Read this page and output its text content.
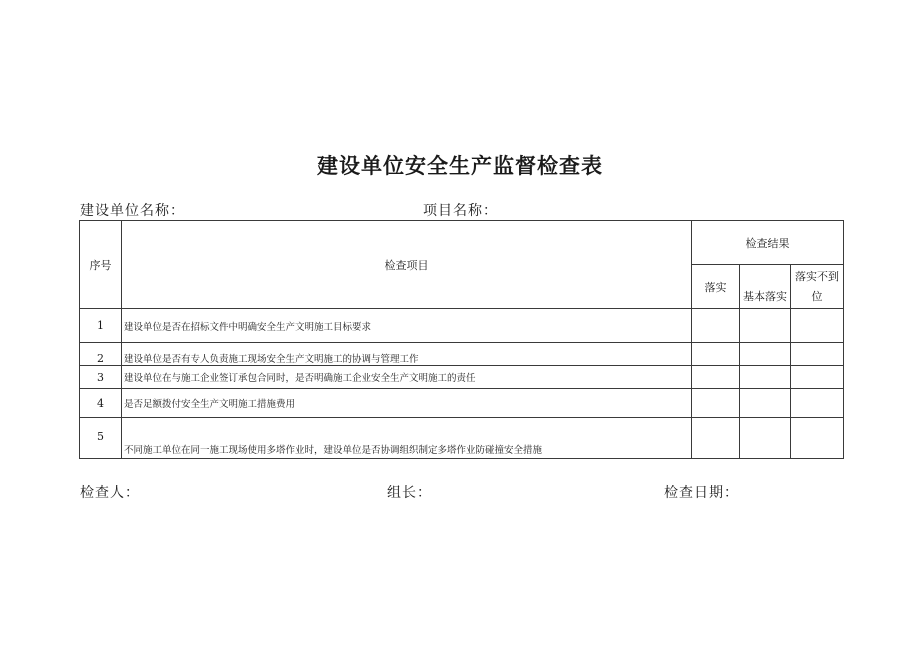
建设单位安全生产监督检查表
建设单位名称：	项目名称：
序号	检查项目	检查结果		
		落实	基本落实	落实不到位
1	建设单位是否在招标文件中明确安全生产文明施工目标要求			
2	建设单位是否有专人负责施工现场安全生产文明施工的协调与管理工作			
3	建设单位在与施工企业签订承包合同时，是否明确施工企业安全生产文明施工的责任			
4	是否足额拨付安全生产文明施工措施费用			
5	不同施工单位在同一施工现场使用多塔作业时，建设单位是否协调组织制定多塔作业防碰撞安全措施			
检查人：	组长：	检查日期：
